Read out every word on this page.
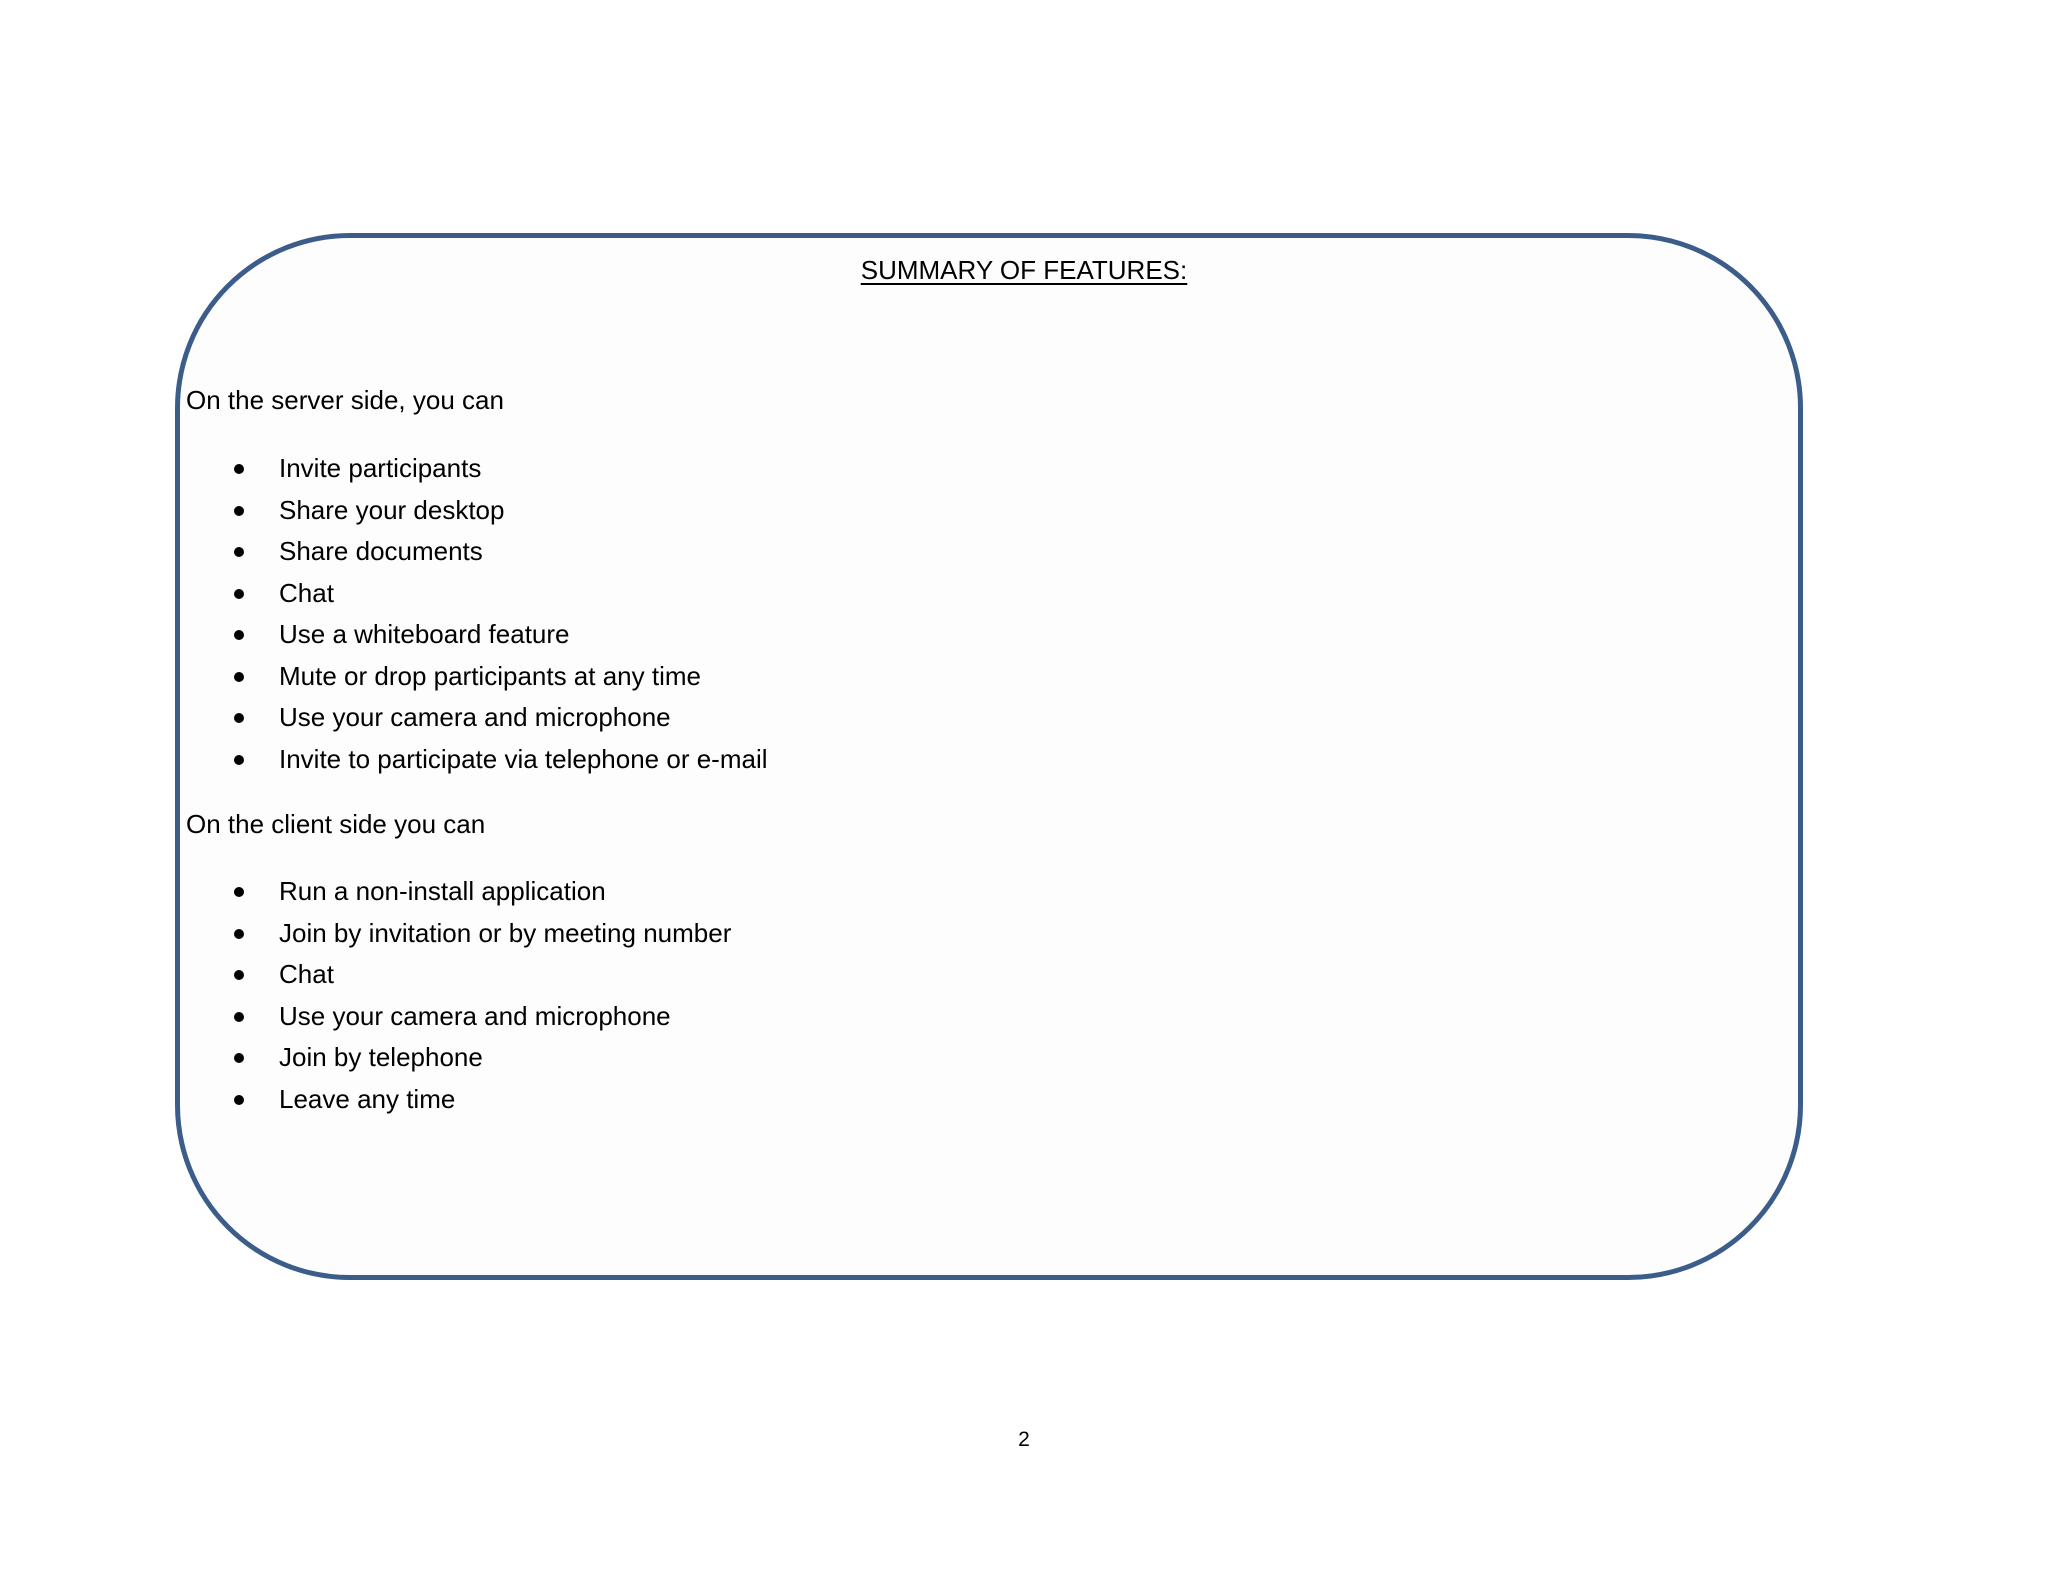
SUMMARY OF FEATURES:
On the server side, you can
Invite participants
Share your desktop
Share documents
Chat
Use a whiteboard feature
Mute or drop participants at any time
Use your camera and microphone
Invite to participate via telephone or e-mail
On the client side you can
Run a non-install application
Join by invitation or by meeting number
Chat
Use your camera and microphone
Join by telephone
Leave any time
2
